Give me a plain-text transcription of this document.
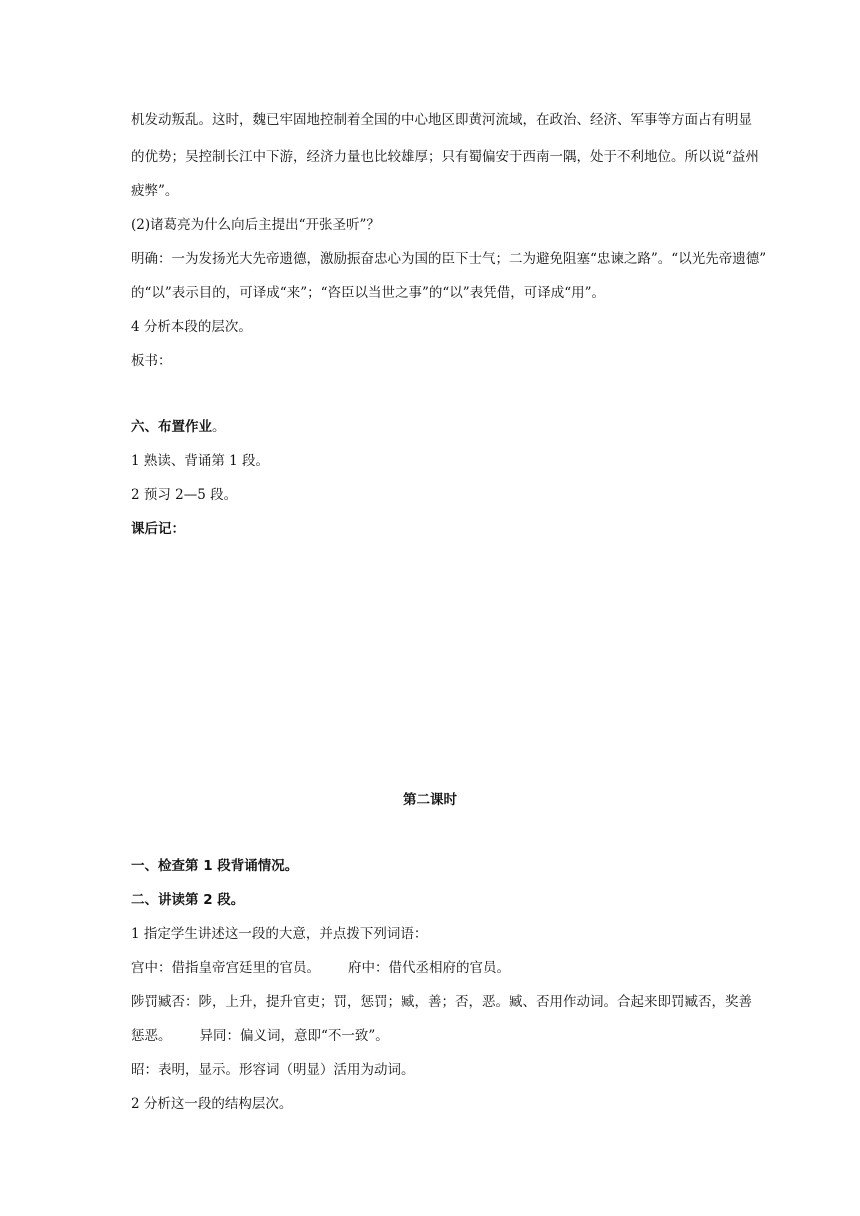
机发动叛乱。这时，魏已牢固地控制着全国的中心地区即黄河流域，在政治、经济、军事等方面占有明显
的优势；吴控制长江中下游，经济力量也比较雄厚；只有蜀偏安于西南一隅，处于不利地位。所以说“益州
疲弊”。
(2)诸葛亮为什么向后主提出“开张圣听”？
明确：一为发扬光大先帝遗德，激励振奋忠心为国的臣下士气；二为避免阻塞“忠谏之路”。“以光先帝遗德”
的“以”表示目的，可译成“来”；“咨臣以当世之事”的“以”表凭借，可译成“用”。
4 分析本段的层次。
板书：
六、布置作业。
1 熟读、背诵第 1 段。
2 预习 2—5 段。
课后记：
第二课时
一、检查第 1 段背诵情况。
二、讲读第 2 段。
1 指定学生讲述这一段的大意，并点拨下列词语：
宫中：借指皇帝宫廷里的官员。 府中：借代丞相府的官员。
陟罚臧否：陟，上升，提升官吏；罚，惩罚；臧，善；否，恶。臧、否用作动词。合起来即罚臧否，奖善
惩恶。 异同：偏义词，意即“不一致”。
昭：表明，显示。形容词（明显）活用为动词。
2 分析这一段的结构层次。
